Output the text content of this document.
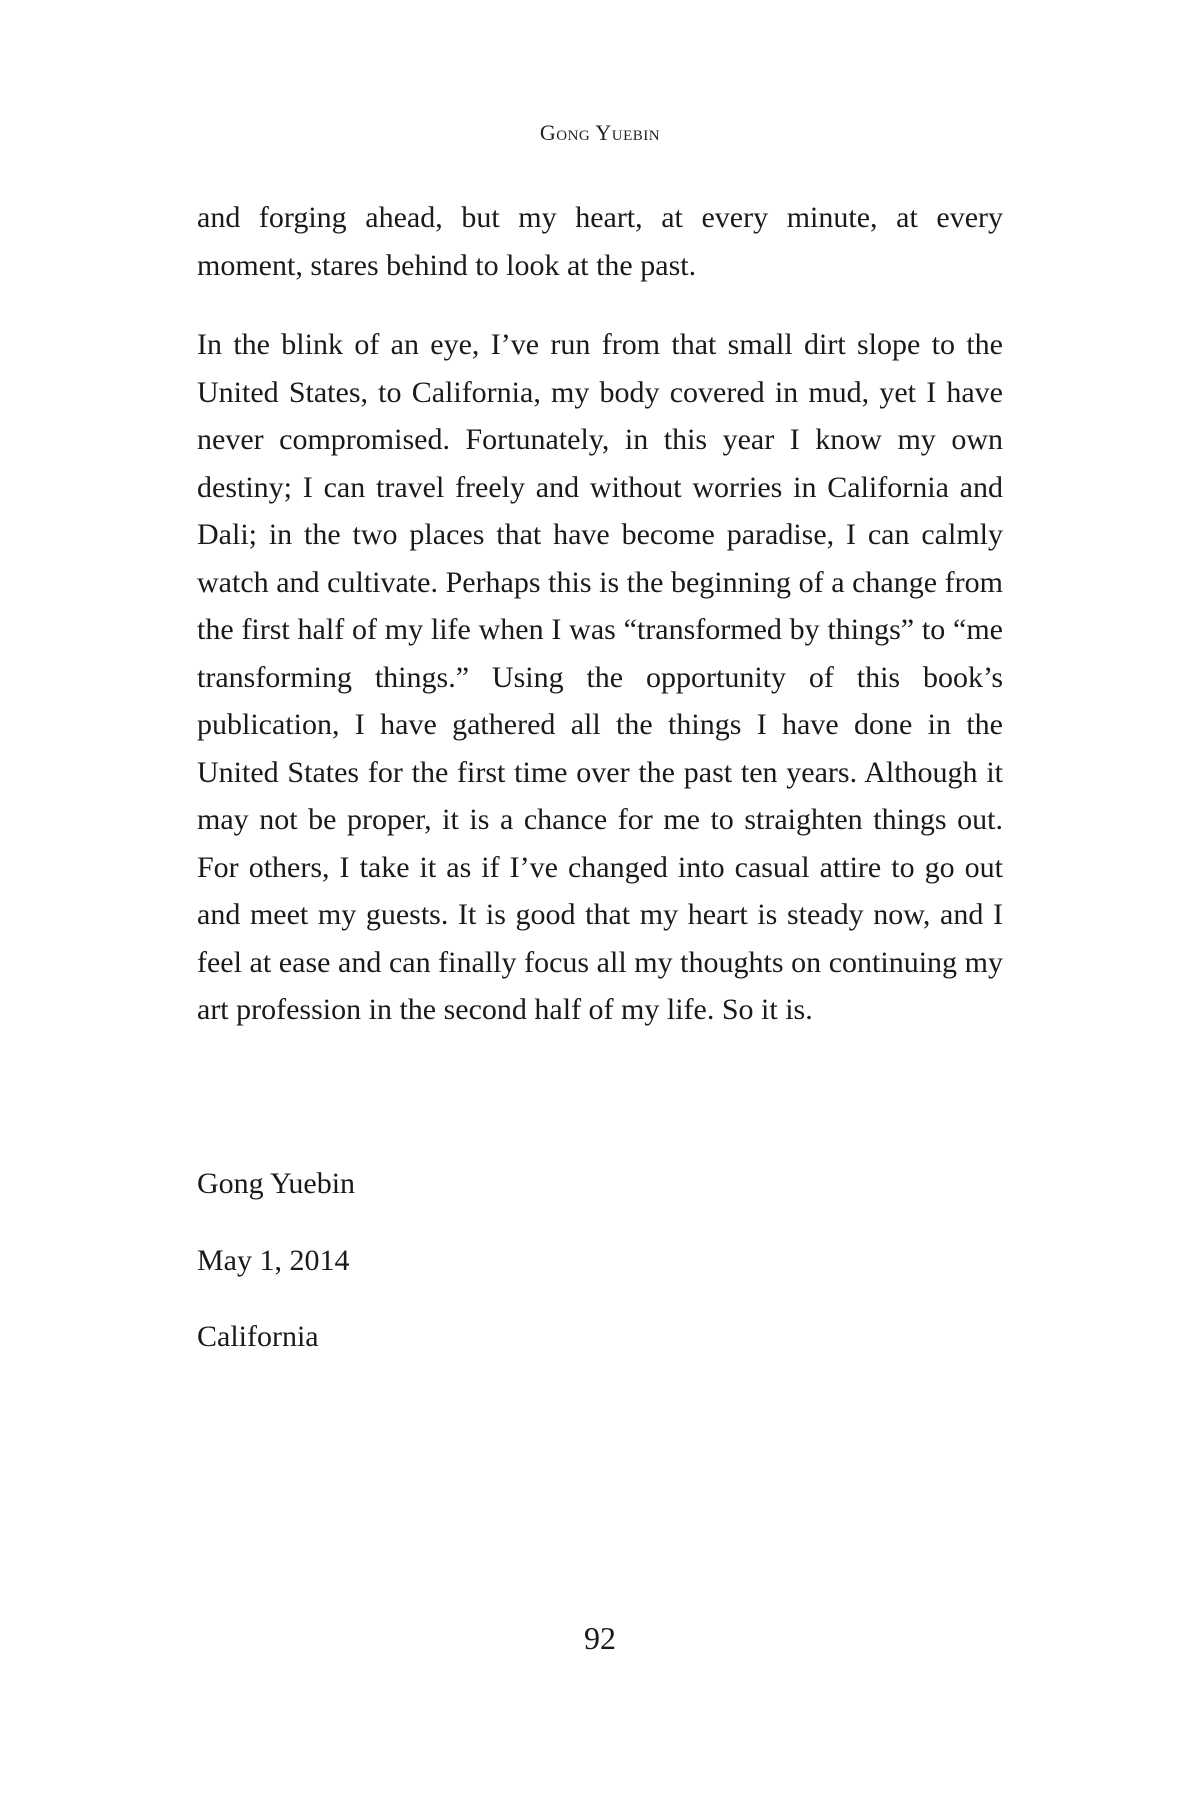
Gong Yuebin

and forging ahead, but my heart, at every minute, at every moment, stares behind to look at the past.

In the blink of an eye, I’ve run from that small dirt slope to the United States, to California, my body covered in mud, yet I have never compromised. Fortunately, in this year I know my own destiny; I can travel freely and without worries in California and Dali; in the two places that have become paradise, I can calmly watch and cultivate. Perhaps this is the beginning of a change from the first half of my life when I was “transformed by things” to “me transforming things.” Using the opportunity of this book’s publication, I have gathered all the things I have done in the United States for the first time over the past ten years. Although it may not be proper, it is a chance for me to straighten things out. For others, I take it as if I’ve changed into casual attire to go out and meet my guests. It is good that my heart is steady now, and I feel at ease and can finally focus all my thoughts on continuing my art profession in the second half of my life. So it is.

Gong Yuebin

May 1, 2014

California

92
